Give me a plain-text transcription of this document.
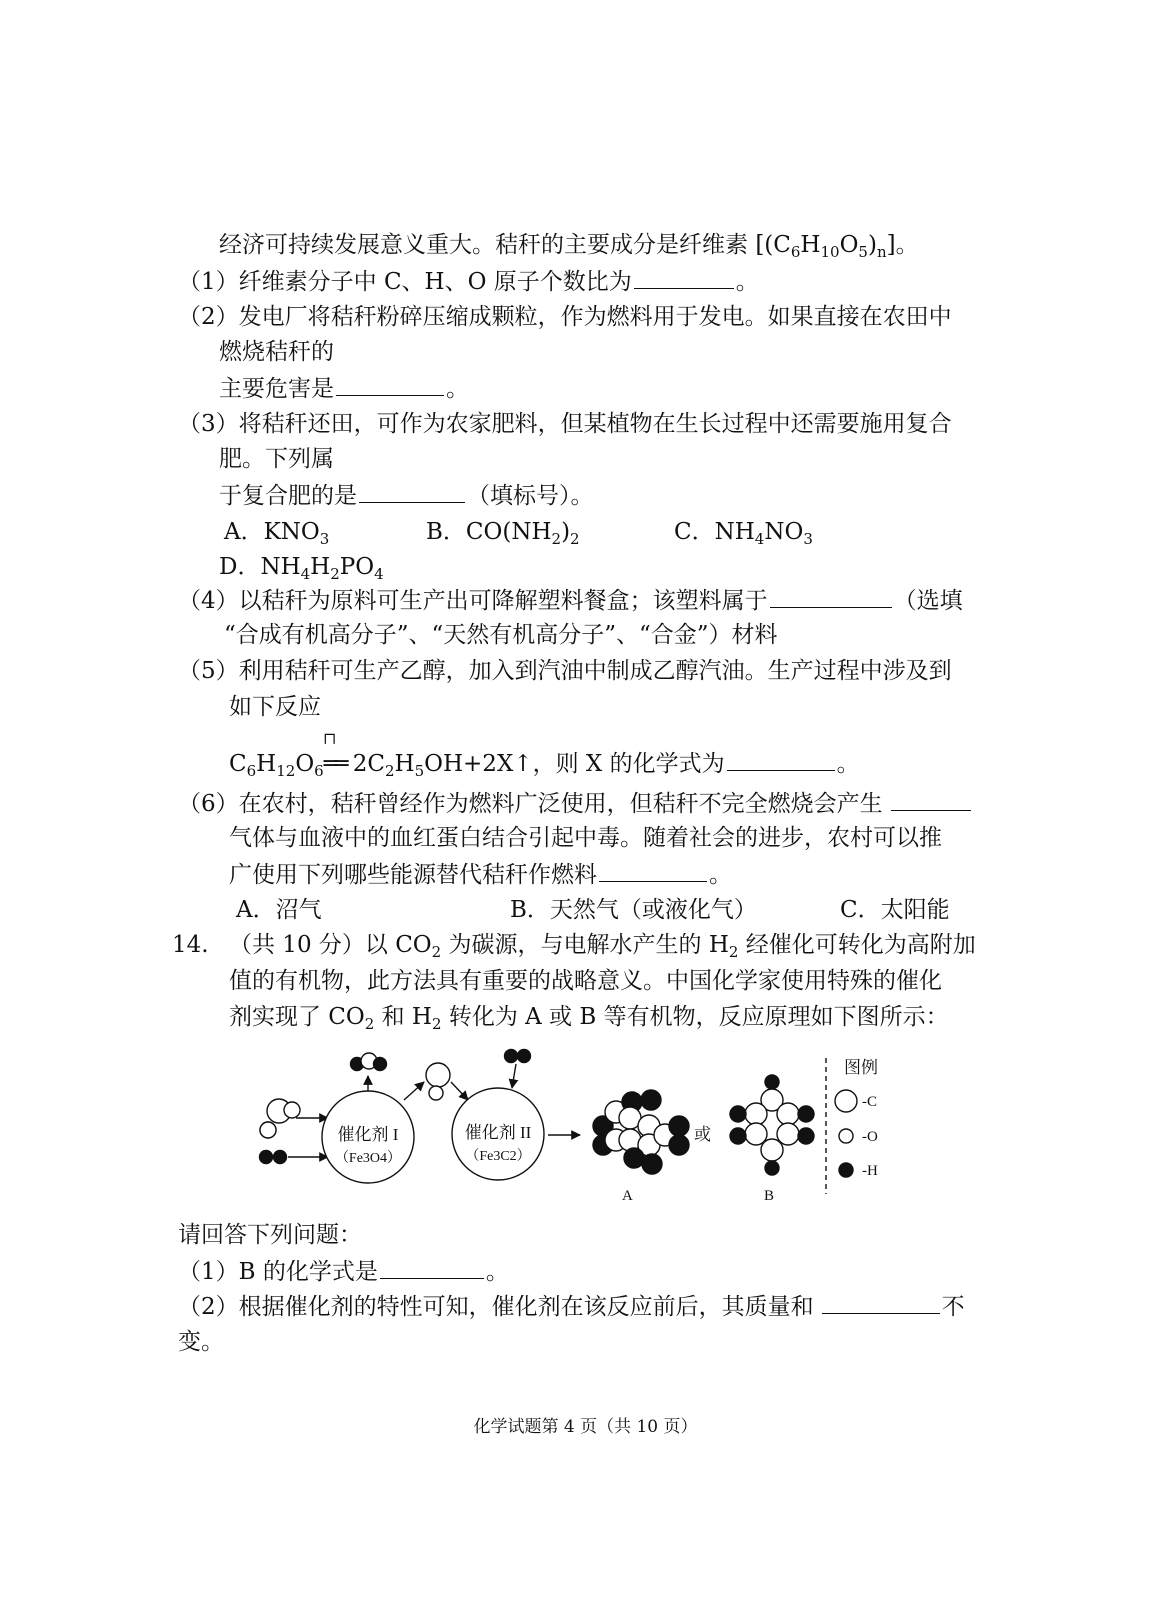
经济可持续发展意义重大。秸秆的主要成分是纤维素 $[(C_6H_{10}O_5)_n]$。
（1）纤维素分子中 C、H、O 原子个数比为	。
（2）发电厂将秸秆粉碎压缩成颗粒，作为燃料用于发电。如果直接在农田中
燃烧秸秆的
主要危害是	。
（3）将秸秆还田，可作为农家肥料，但某植物在生长过程中还需要施用复合
肥。下列属
于复合肥的是	（填标号）。
A．$KNO_3$	B．$CO(NH_2)_2$	C．$NH_4NO_3$
D．$NH_4H_2PO_4$
（4）以秸秆为原料可生产出可降解塑料餐盒；该塑料属于	（选填
“合成有机高分子”、“天然有机高分子”、“合金”）材料
（5）利用秸秆可生产乙醇，加入到汽油中制成乙醇汽油。生产过程中涉及到
如下反应
⊓
$C_6H_{12}O_6══$ $2C_2H_5OH+2X↑$，则 X 的化学式为	。
（6）在农村，秸秆曾经作为燃料广泛使用，但秸秆不完全燃烧会产生
气体与血液中的血红蛋白结合引起中毒。随着社会的进步，农村可以推
广使用下列哪些能源替代秸秆作燃料	。
A．沼气	B．天然气（或液化气）	C．太阳能
14. （共 10 分）以 $CO_2$ 为碳源，与电解水产生的 $H_2$ 经催化可转化为高附加
值的有机物，此方法具有重要的战略意义。中国化学家使用特殊的催化
剂实现了 $CO_2$ 和 $H_2$ 转化为 A 或 B 等有机物，反应原理如下图所示：
催化剂 I
（Fe3O4）
催化剂 II
（Fe3C2）
或
A	B
图例
-C
-O
-H
请回答下列问题：
（1）B 的化学式是	。
（2）根据催化剂的特性可知，催化剂在该反应前后，其质量和	不
变。
化学试题第 4 页（共 10 页）
